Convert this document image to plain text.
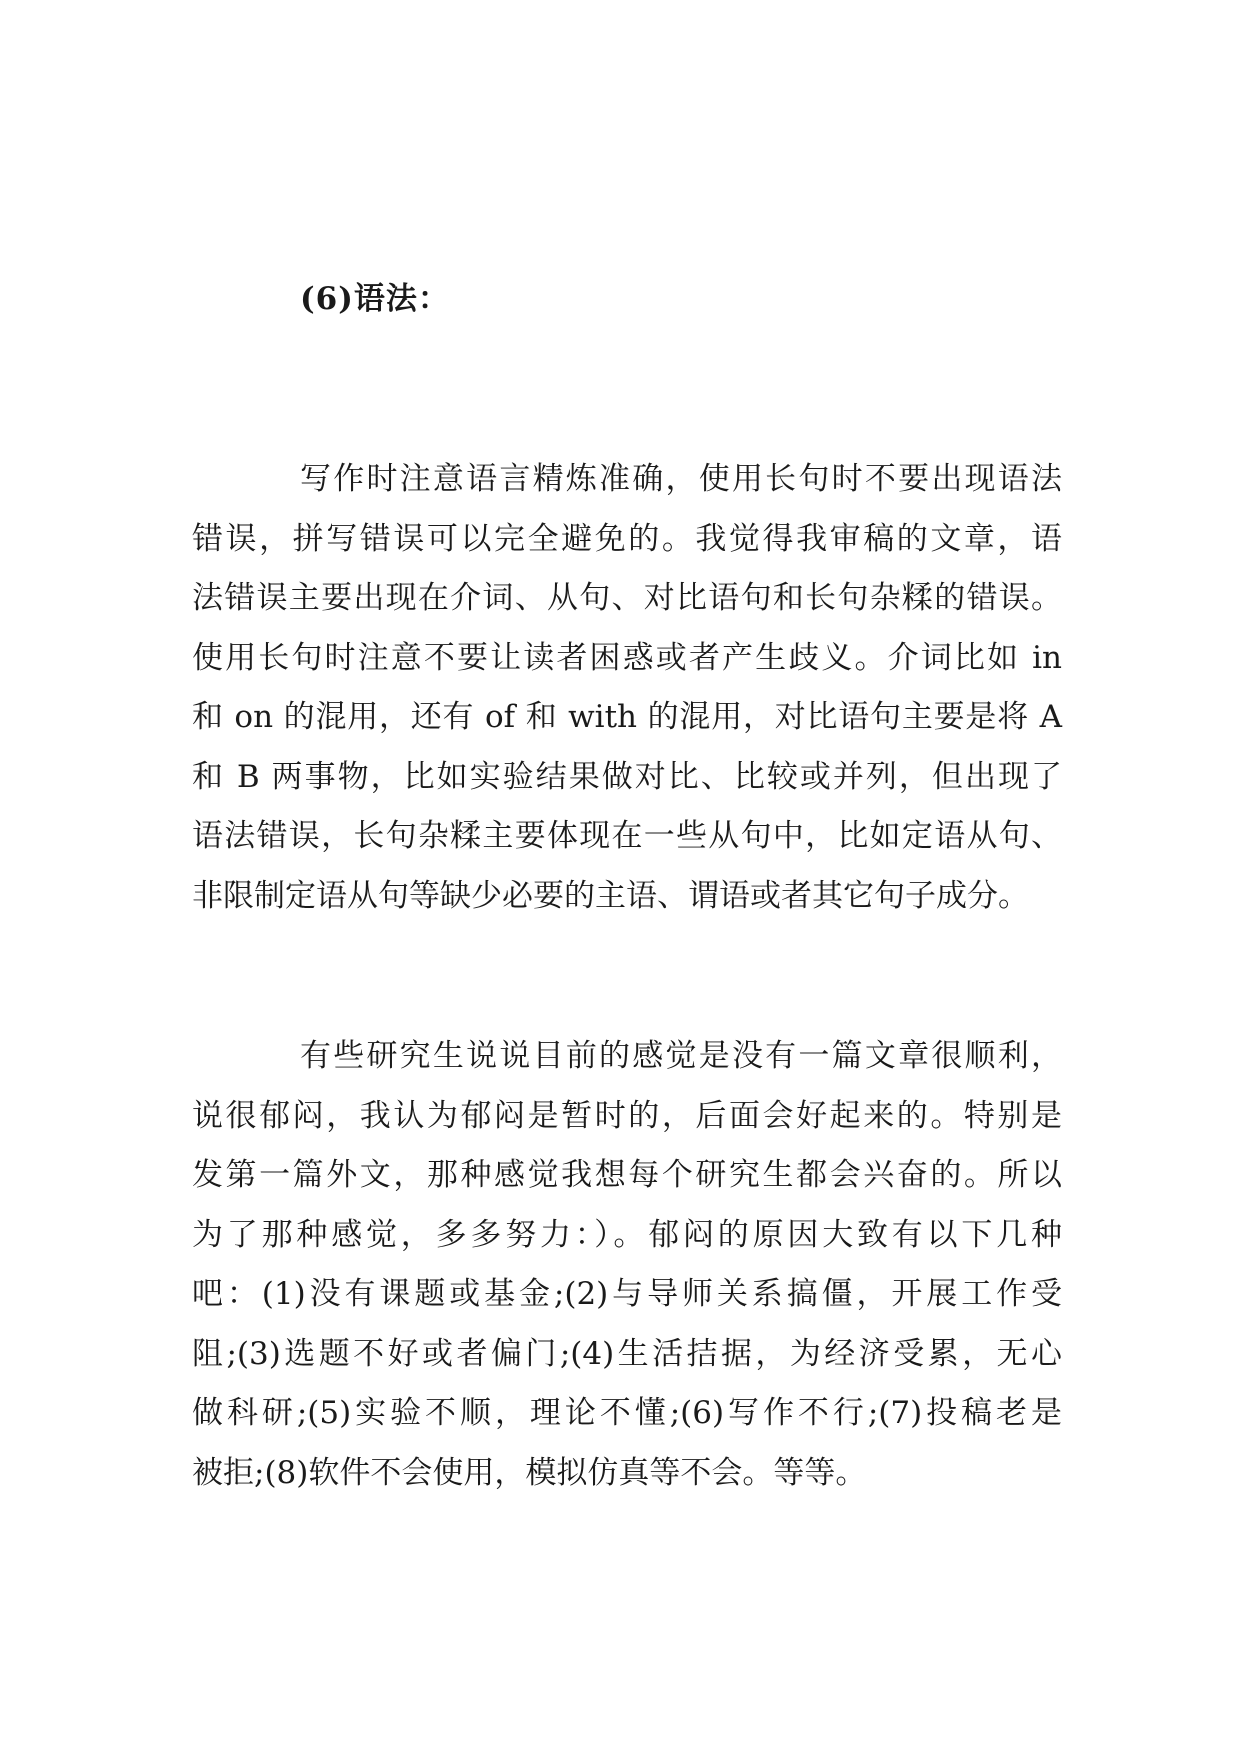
(6)语法：
写作时注意语言精炼准确，使用长句时不要出现语法
错误，拼写错误可以完全避免的。我觉得我审稿的文章，语
法错误主要出现在介词、从句、对比语句和长句杂糅的错误。
使用长句时注意不要让读者困惑或者产生歧义。介词比如 in
和 on 的混用，还有 of 和 with 的混用，对比语句主要是将 A
和 B 两事物，比如实验结果做对比、比较或并列，但出现了
语法错误，长句杂糅主要体现在一些从句中，比如定语从句、
非限制定语从句等缺少必要的主语、谓语或者其它句子成分。
有些研究生说说目前的感觉是没有一篇文章很顺利，
说很郁闷，我认为郁闷是暂时的，后面会好起来的。特别是
发第一篇外文，那种感觉我想每个研究生都会兴奋的。所以
为了那种感觉，多多努力：）。郁闷的原因大致有以下几种
吧：(1)没有课题或基金;(2)与导师关系搞僵，开展工作受
阻;(3)选题不好或者偏门;(4)生活拮据，为经济受累，无心
做科研;(5)实验不顺，理论不懂;(6)写作不行;(7)投稿老是
被拒;(8)软件不会使用，模拟仿真等不会。等等。
